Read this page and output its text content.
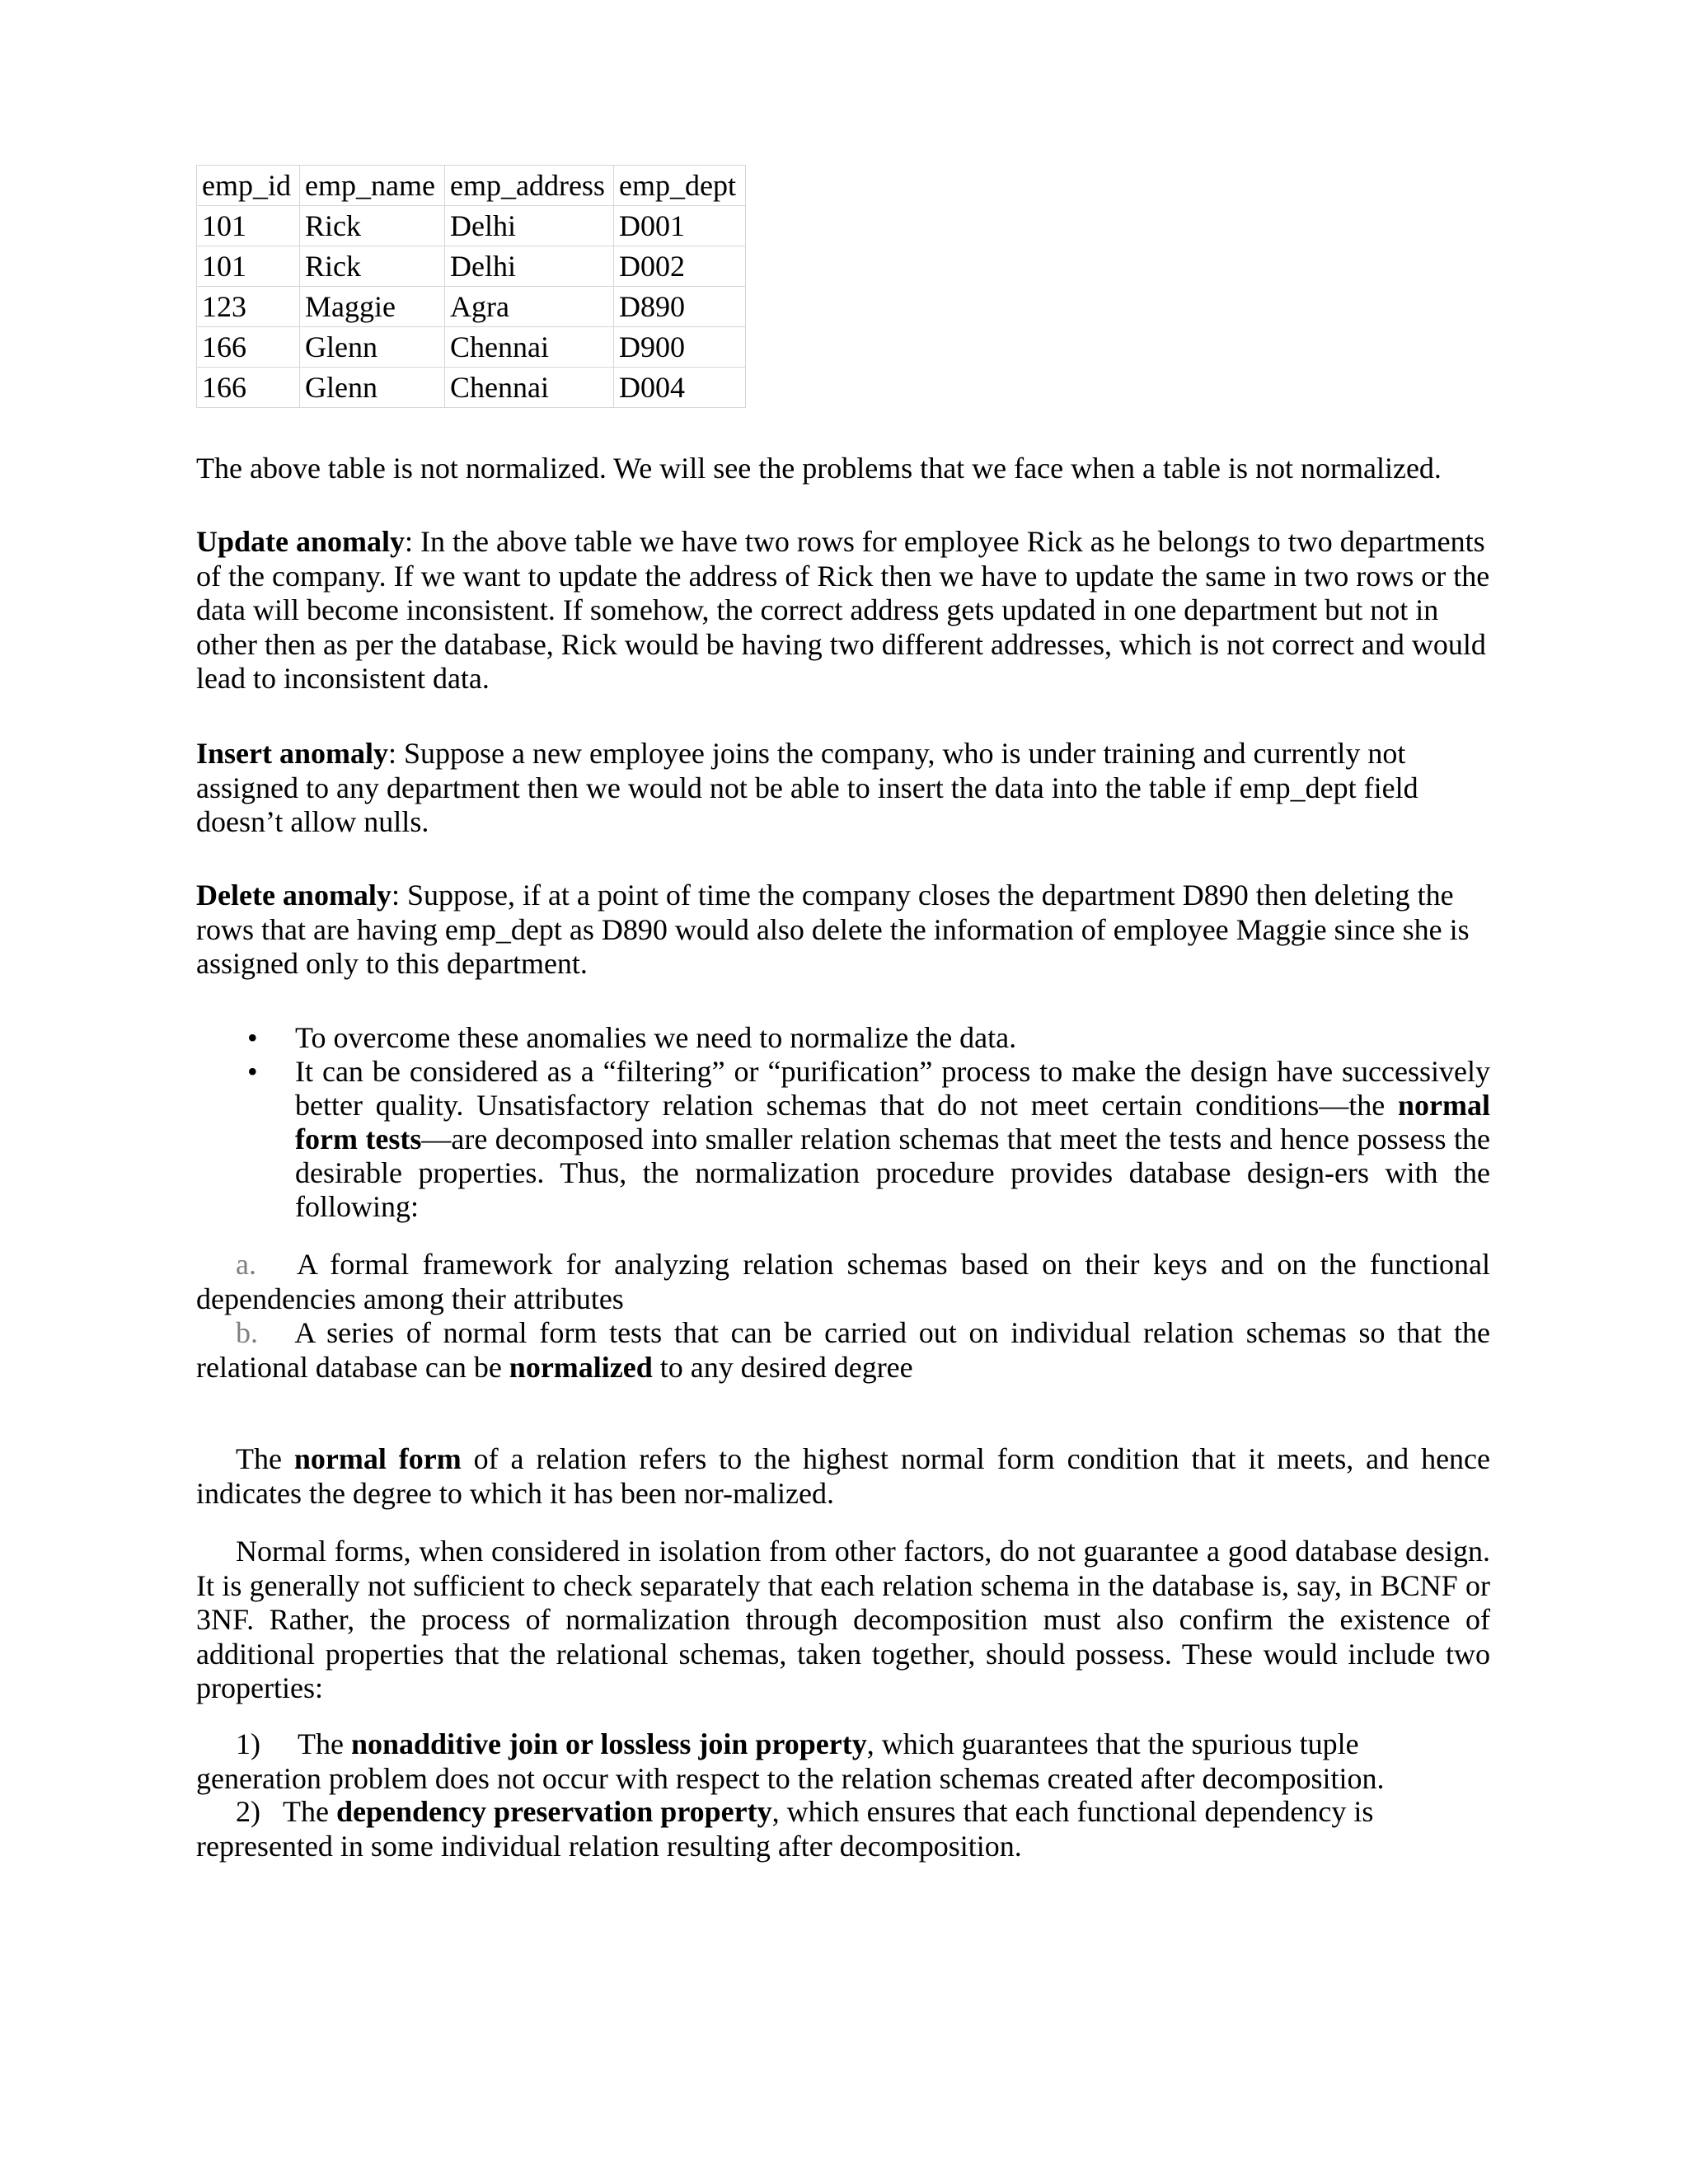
emp_id	emp_name	emp_address	emp_dept
101	Rick	Delhi	D001
101	Rick	Delhi	D002
123	Maggie	Agra	D890
166	Glenn	Chennai	D900
166	Glenn	Chennai	D004

The above table is not normalized. We will see the problems that we face when a table is not normalized.

Update anomaly: In the above table we have two rows for employee Rick as he belongs to two departments of the company. If we want to update the address of Rick then we have to update the same in two rows or the data will become inconsistent. If somehow, the correct address gets updated in one department but not in other then as per the database, Rick would be having two different addresses, which is not correct and would lead to inconsistent data.

Insert anomaly: Suppose a new employee joins the company, who is under training and currently not assigned to any department then we would not be able to insert the data into the table if emp_dept field doesn’t allow nulls.

Delete anomaly: Suppose, if at a point of time the company closes the department D890 then deleting the rows that are having emp_dept as D890 would also delete the information of employee Maggie since she is assigned only to this department.

• To overcome these anomalies we need to normalize the data.
• It can be considered as a “filtering” or “purification” process to make the design have successively better quality. Unsatisfactory relation schemas that do not meet certain conditions—the normal form tests—are decomposed into smaller relation schemas that meet the tests and hence possess the desirable properties. Thus, the normalization procedure provides database design-ers with the following:

a. A formal framework for analyzing relation schemas based on their keys and on the functional dependencies among their attributes

b. A series of normal form tests that can be carried out on individual relation schemas so that the relational database can be normalized to any desired degree

The normal form of a relation refers to the highest normal form condition that it meets, and hence indicates the degree to which it has been nor-malized.

Normal forms, when considered in isolation from other factors, do not guarantee a good database design. It is generally not sufficient to check separately that each relation schema in the database is, say, in BCNF or 3NF. Rather, the process of normalization through decomposition must also confirm the existence of additional properties that the relational schemas, taken together, should possess. These would include two properties:

1) The nonadditive join or lossless join property, which guarantees that the spurious tuple generation problem does not occur with respect to the relation schemas created after decomposition.

2) The dependency preservation property, which ensures that each functional dependency is represented in some individual relation resulting after decomposition.
